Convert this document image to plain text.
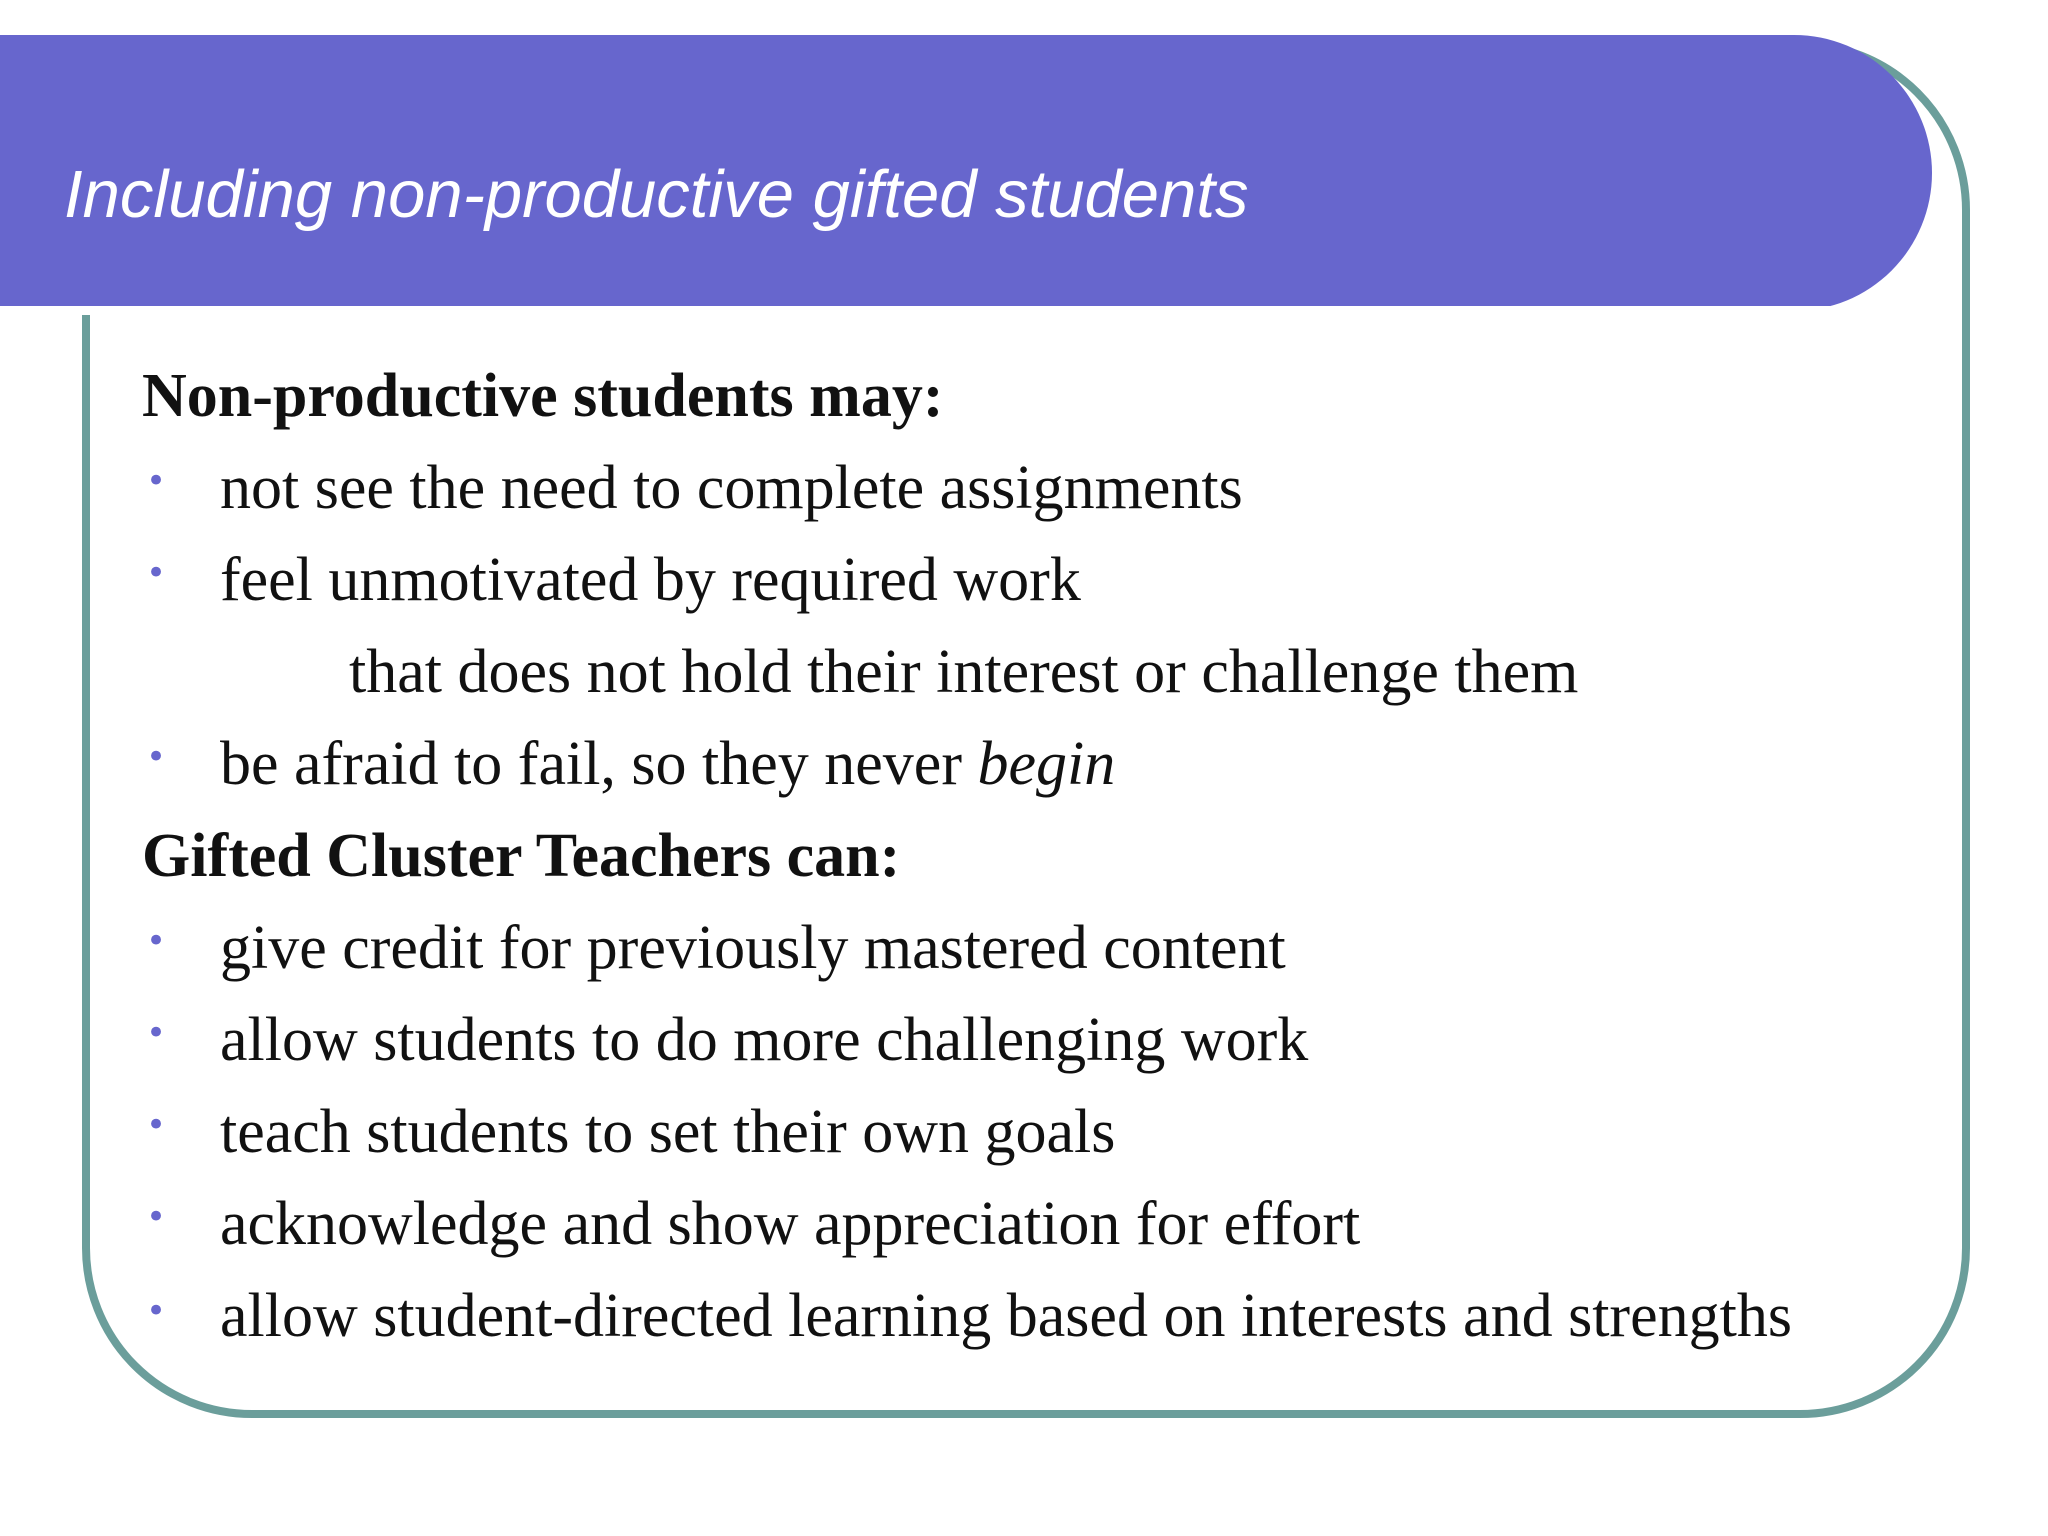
Including non-productive gifted students
Non-productive students may:
• not see the need to complete assignments
• feel unmotivated by required work
that does not hold their interest or challenge them
• be afraid to fail, so they never begin
Gifted Cluster Teachers can:
• give credit for previously mastered content
• allow students to do more challenging work
• teach students to set their own goals
• acknowledge and show appreciation for effort
• allow student-directed learning based on interests and strengths
